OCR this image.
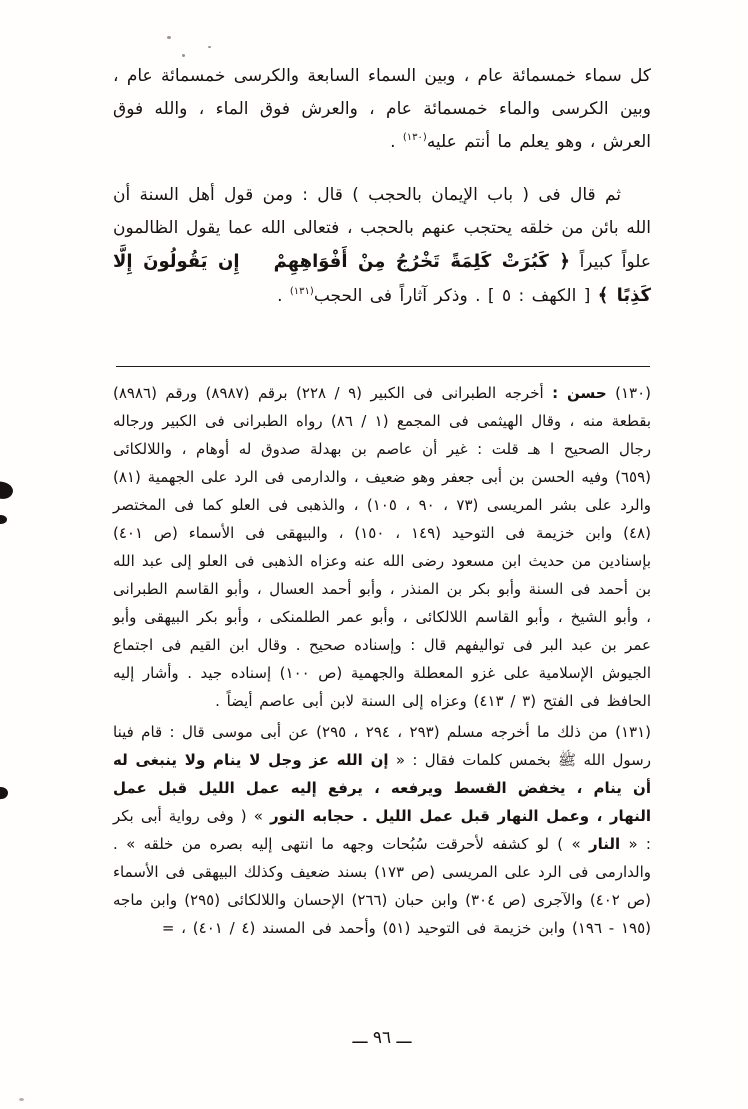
كل سماء خمسمائة عام ، وبين السماء السابعة والكرسى خمسمائة عام ، وبين الكرسى والماء خمسمائة عام ، والعرش فوق الماء ، والله فوق العرش ، وهو يعلم ما أنتم عليه$^{(١٣٠)}$ .

ثم قال فى ( باب الإيمان بالحجب ) قال : ومن قول أهل السنة أن الله بائن من خلقه يحتجب عنهم بالحجب ، فتعالى الله عما يقول الظالمون علواً كبيراً ﴿ كَبُرَتْ كَلِمَةً تَخْرُجُ مِنْ أَفْوَاهِهِمْإِن يَقُولُونَ إِلَّا كَذِبًا ﴾ [ الكهف : ٥ ] . وذكر آثاراً فى الحجب$^{(١٣١)}$ .

(١٣٠) حسن : أخرجه الطبرانى فى الكبير (٩ / ٢٢٨) برقم (٨٩٨٧) ورقم (٨٩٨٦) بقطعة منه ، وقال الهيثمى فى المجمع (١ / ٨٦) رواه الطبرانى فى الكبير ورجاله رجال الصحيح ا هـ قلت : غير أن عاصم بن بهدلة صدوق له أوهام ، واللالكائى (٦٥٩) وفيه الحسن بن أبى جعفر وهو ضعيف ، والدارمى فى الرد على الجهمية (٨١) والرد على بشر المريسى (٧٣ ، ٩٠ ، ١٠٥) ، والذهبى فى العلو كما فى المختصر (٤٨) وابن خزيمة فى التوحيد (١٤٩ ، ١٥٠) ، والبيهقى فى الأسماء (ص ٤٠١) بإسنادين من حديث ابن مسعود رضى الله عنه وعزاه الذهبى فى العلو إلى عبد الله بن أحمد فى السنة وأبو بكر بن المنذر ، وأبو أحمد العسال ، وأبو القاسم الطبرانى ، وأبو الشيخ ، وأبو القاسم اللالكائى ، وأبو عمر الطلمنكى ، وأبو بكر البيهقى وأبو عمر بن عبد البر فى تواليفهم قال : وإسناده صحيح . وقال ابن القيم فى اجتماع الجيوش الإسلامية على غزو المعطلة والجهمية (ص ١٠٠) إسناده جيد . وأشار إليه الحافظ فى الفتح (٣ / ٤١٣) وعزاه إلى السنة لابن أبى عاصم أيضاً .

(١٣١) من ذلك ما أخرجه مسلم (٢٩٣ ، ٢٩٤ ، ٢٩٥) عن أبى موسى قال : قام فينا رسول الله ﷺ بخمس كلمات فقال : « إن الله عز وجل لا ينام ولا ينبغى له أن ينام ، يخفض القسط ويرفعه ، يرفع إليه عمل الليل قبل عمل النهار ، وعمل النهار قبل عمل الليل . حجابه النور » ( وفى رواية أبى بكر : « النار » ) لو كشفه لأحرقت سُبُحات وجهه ما انتهى إليه بصره من خلقه » . والدارمى فى الرد على المريسى (ص ١٧٣) بسند ضعيف وكذلك البيهقى فى الأسماء (ص ٤٠٢) والآجرى (ص ٣٠٤) وابن حبان (٢٦٦) الإحسان واللالكائى (٢٩٥) وابن ماجه (١٩٥ - ١٩٦) وابن خزيمة فى التوحيد (٥١) وأحمد فى المسند (٤ / ٤٠١) ، =

ـــ ٩٦ ـــ
